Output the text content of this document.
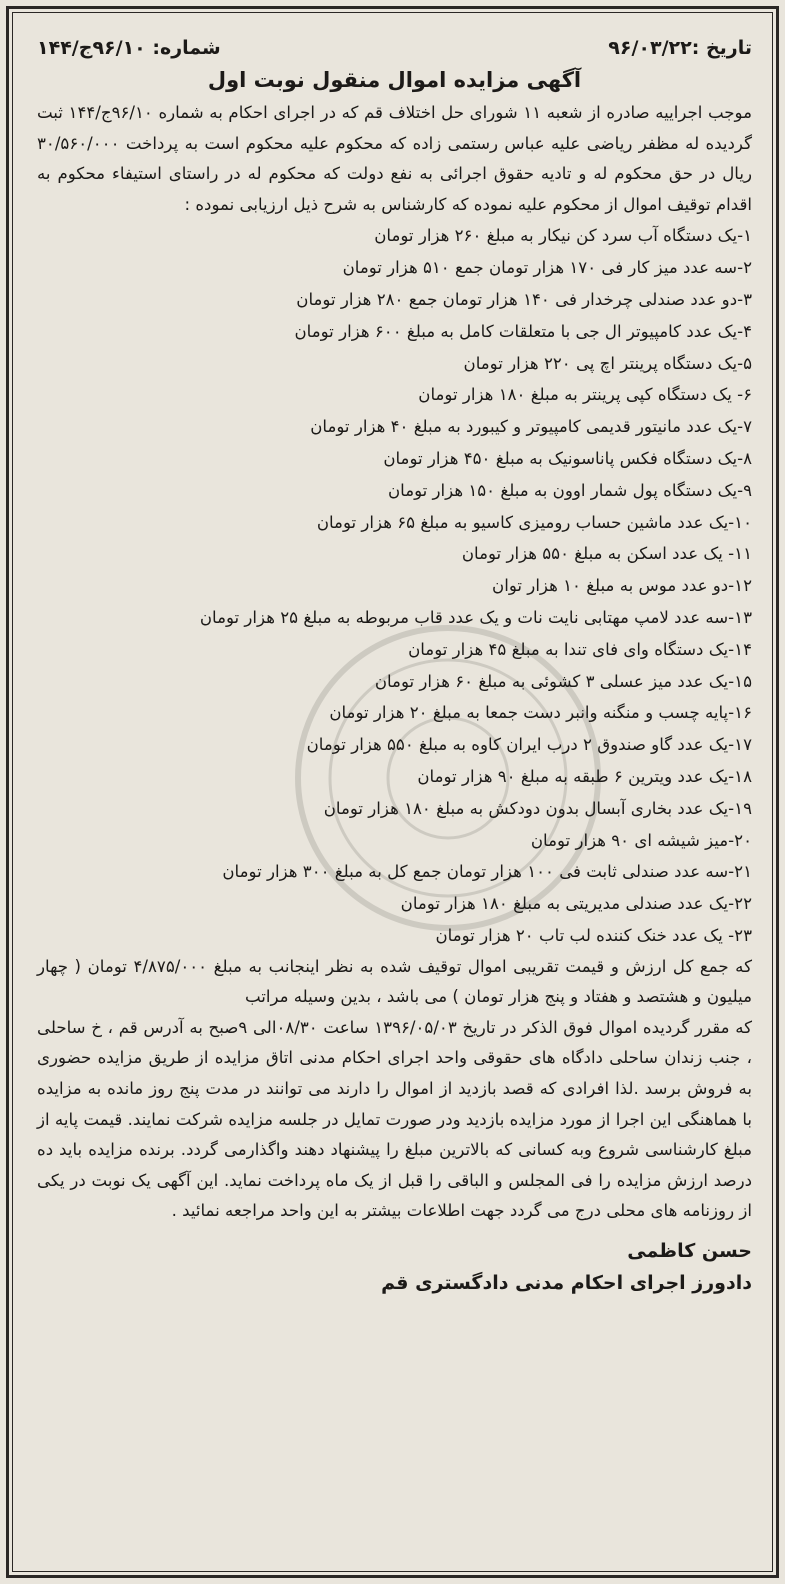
تاریخ :۹۶/۰۳/۲۲
شماره: ۹۶/۱۰ج/۱۴۴
آگهی مزایده اموال منقول نوبت اول

موجب اجراییه صادره از شعبه ۱۱ شورای حل اختلاف قم که در اجرای احکام به شماره ۹۶/۱۰ج/۱۴۴ ثبت گردیده له مظفر ریاضی علیه عباس رستمی زاده که محکوم علیه محکوم است به پرداخت ۳۰/۵۶۰/۰۰۰ ریال در حق محکوم له و تادیه حقوق اجرائی به نفع دولت که محکوم له در راستای استیفاء محکوم به اقدام توقیف اموال از محکوم علیه نموده که کارشناس به شرح ذیل ارزیابی نموده :

۱-یک دستگاه آب سرد کن نیکار به مبلغ ۲۶۰ هزار تومان
۲-سه عدد میز کار فی ۱۷۰ هزار تومان جمع ۵۱۰ هزار تومان
۳-دو عدد صندلی چرخدار فی ۱۴۰ هزار تومان جمع ۲۸۰ هزار تومان
۴-یک عدد کامپیوتر ال جی با متعلقات کامل به مبلغ ۶۰۰ هزار تومان
۵-یک دستگاه پرینتر اچ پی ۲۲۰ هزار تومان
۶- یک دستگاه کپی پرینتر به مبلغ ۱۸۰ هزار تومان
۷-یک عدد مانیتور قدیمی کامپیوتر و کیبورد به مبلغ ۴۰ هزار تومان
۸-یک دستگاه فکس پاناسونیک به مبلغ ۴۵۰ هزار تومان
۹-یک دستگاه پول شمار اوون به مبلغ ۱۵۰ هزار تومان
۱۰-یک عدد ماشین حساب رومیزی کاسیو به مبلغ ۶۵ هزار تومان
۱۱- یک عدد اسکن به مبلغ ۵۵۰ هزار تومان
۱۲-دو عدد موس به مبلغ ۱۰ هزار توان
۱۳-سه عدد لامپ مهتابی نایت نات و یک عدد قاب مربوطه به مبلغ ۲۵ هزار تومان
۱۴-یک دستگاه وای فای تندا به مبلغ ۴۵ هزار تومان
۱۵-یک عدد میز عسلی ۳ کشوئی به مبلغ ۶۰ هزار تومان
۱۶-پایه چسب و منگنه وانبر دست جمعا به مبلغ ۲۰ هزار تومان
۱۷-یک عدد گاو صندوق ۲ درب ایران کاوه به مبلغ ۵۵۰ هزار تومان
۱۸-یک عدد ویترین ۶ طبقه به مبلغ ۹۰ هزار تومان
۱۹-یک عدد بخاری آبسال بدون دودکش به مبلغ ۱۸۰ هزار تومان
۲۰-میز شیشه ای ۹۰ هزار تومان
۲۱-سه عدد صندلی ثابت فی ۱۰۰ هزار تومان جمع کل به مبلغ ۳۰۰ هزار تومان
۲۲-یک عدد صندلی مدیریتی به مبلغ ۱۸۰ هزار تومان
۲۳- یک عدد خنک کننده لب تاب ۲۰ هزار تومان

که جمع کل ارزش و قیمت تقریبی اموال توقیف شده به نظر اینجانب به مبلغ ۴/۸۷۵/۰۰۰ تومان ( چهار میلیون و هشتصد و هفتاد و پنج هزار تومان ) می باشد ، بدین وسیله مراتب

که مقرر گردیده اموال فوق الذکر در تاریخ ۱۳۹۶/۰۵/۰۳ ساعت ۰۸/۳۰الی ۹صبح به آدرس قم ، خ ساحلی ، جنب زندان ساحلی دادگاه های حقوقی واحد اجرای احکام مدنی اتاق مزایده از طریق مزایده حضوری به فروش برسد .لذا افرادی که قصد بازدید از اموال را دارند می توانند در مدت پنج روز مانده به مزایده با هماهنگی این اجرا از مورد مزایده بازدید ودر صورت تمایل در جلسه مزایده شرکت نمایند. قیمت پایه از مبلغ کارشناسی شروع وبه کسانی که بالاترین مبلغ را پیشنهاد دهند واگذارمی گردد. برنده مزایده باید ده درصد ارزش مزایده را فی المجلس و الباقی را قبل از یک ماه پرداخت نماید. این آگهی یک نوبت در یکی از روزنامه های محلی درج می گردد جهت اطلاعات بیشتر به این واحد مراجعه نمائید .

حسن کاظمی
دادورز اجرای احکام مدنی دادگستری قم
